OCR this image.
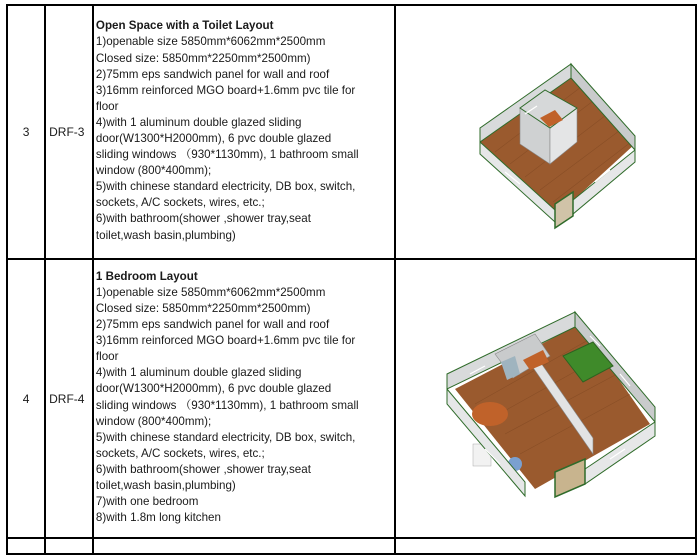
3	DRF-3	
Open Space with a Toilet Layout
1)openable size 5850mm*6062mm*2500mm
Closed size: 5850mm*2250mm*2500mm)
2)75mm eps sandwich panel for wall and roof
3)16mm reinforced MGO board+1.6mm pvc tile for
floor
4)with 1 aluminum double glazed sliding
door(W1300*H2000mm), 6 pvc double glazed
sliding windows （930*1130mm), 1 bathroom small
window (800*400mm);
5)with chinese standard electricity, DB box, switch,
sockets, A/C sockets, wires, etc.;
6)with bathroom(shower ,shower tray,seat
toilet,wash basin,plumbing)

4	DRF-4	
1 Bedroom Layout
1)openable size 5850mm*6062mm*2500mm
Closed size: 5850mm*2250mm*2500mm)
2)75mm eps sandwich panel for wall and roof
3)16mm reinforced MGO board+1.6mm pvc tile for
floor
4)with 1 aluminum double glazed sliding
door(W1300*H2000mm), 6 pvc double glazed
sliding windows （930*1130mm), 1 bathroom small
window (800*400mm);
5)with chinese standard electricity, DB box, switch,
sockets, A/C sockets, wires, etc.;
6)with bathroom(shower ,shower tray,seat
toilet,wash basin,plumbing)
7)with one bedroom
8)with 1.8m long kitchen
